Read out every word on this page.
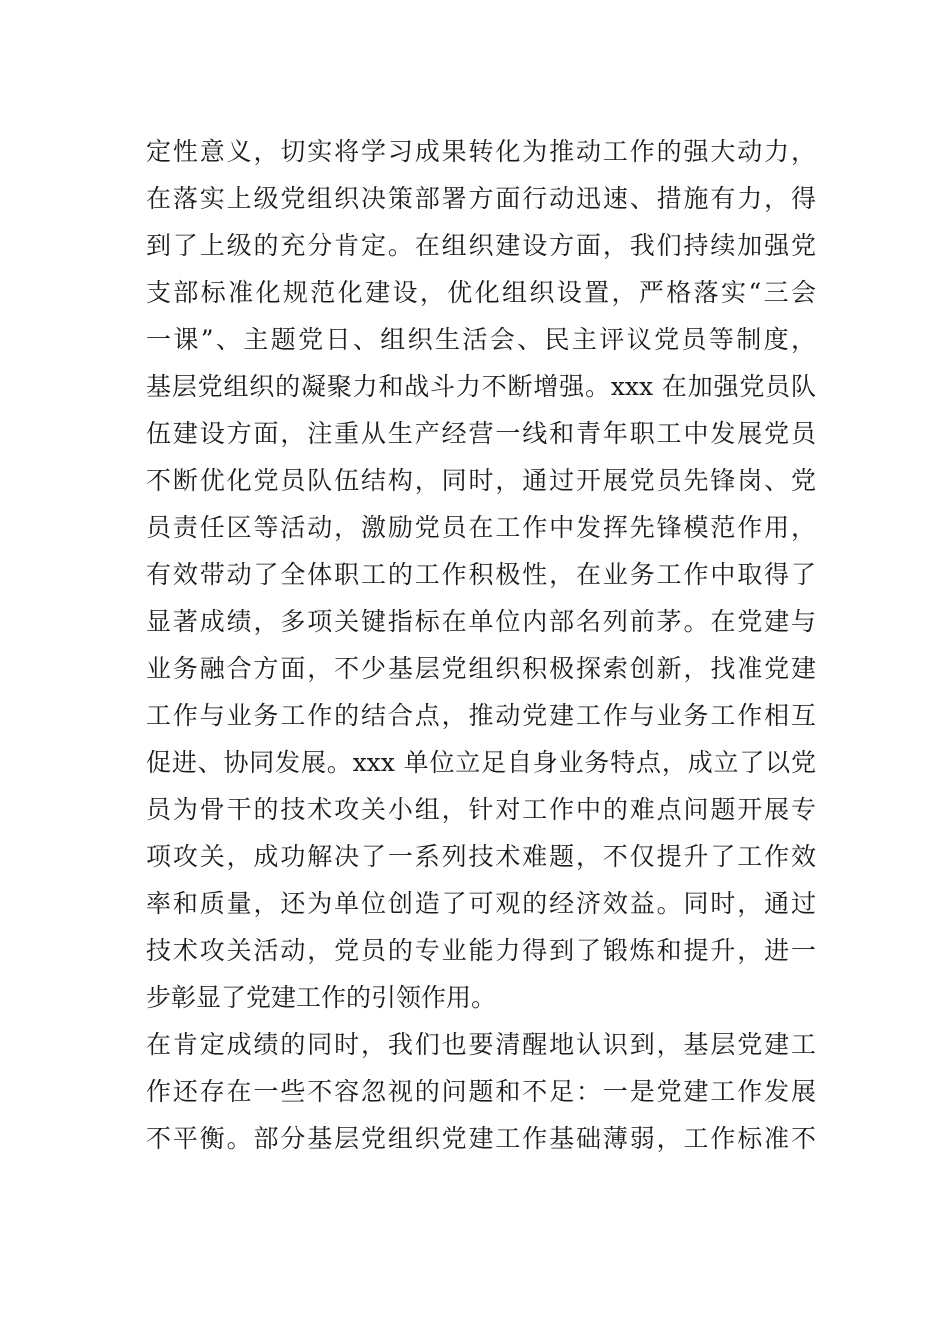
定性意义，切实将学习成果转化为推动工作的强大动力，
在落实上级党组织决策部署方面行动迅速、措施有力，得
到了上级的充分肯定。在组织建设方面，我们持续加强党
支部标准化规范化建设，优化组织设置，严格落实“三会
一课”、主题党日、组织生活会、民主评议党员等制度，
基层党组织的凝聚力和战斗力不断增强。xxx 在加强党员队
伍建设方面，注重从生产经营一线和青年职工中发展党员
不断优化党员队伍结构，同时，通过开展党员先锋岗、党
员责任区等活动，激励党员在工作中发挥先锋模范作用，
有效带动了全体职工的工作积极性，在业务工作中取得了
显著成绩，多项关键指标在单位内部名列前茅。在党建与
业务融合方面，不少基层党组织积极探索创新，找准党建
工作与业务工作的结合点，推动党建工作与业务工作相互
促进、协同发展。xxx 单位立足自身业务特点，成立了以党
员为骨干的技术攻关小组，针对工作中的难点问题开展专
项攻关，成功解决了一系列技术难题，不仅提升了工作效
率和质量，还为单位创造了可观的经济效益。同时，通过
技术攻关活动，党员的专业能力得到了锻炼和提升，进一
步彰显了党建工作的引领作用。
在肯定成绩的同时，我们也要清醒地认识到，基层党建工
作还存在一些不容忽视的问题和不足：一是党建工作发展
不平衡。部分基层党组织党建工作基础薄弱，工作标准不
